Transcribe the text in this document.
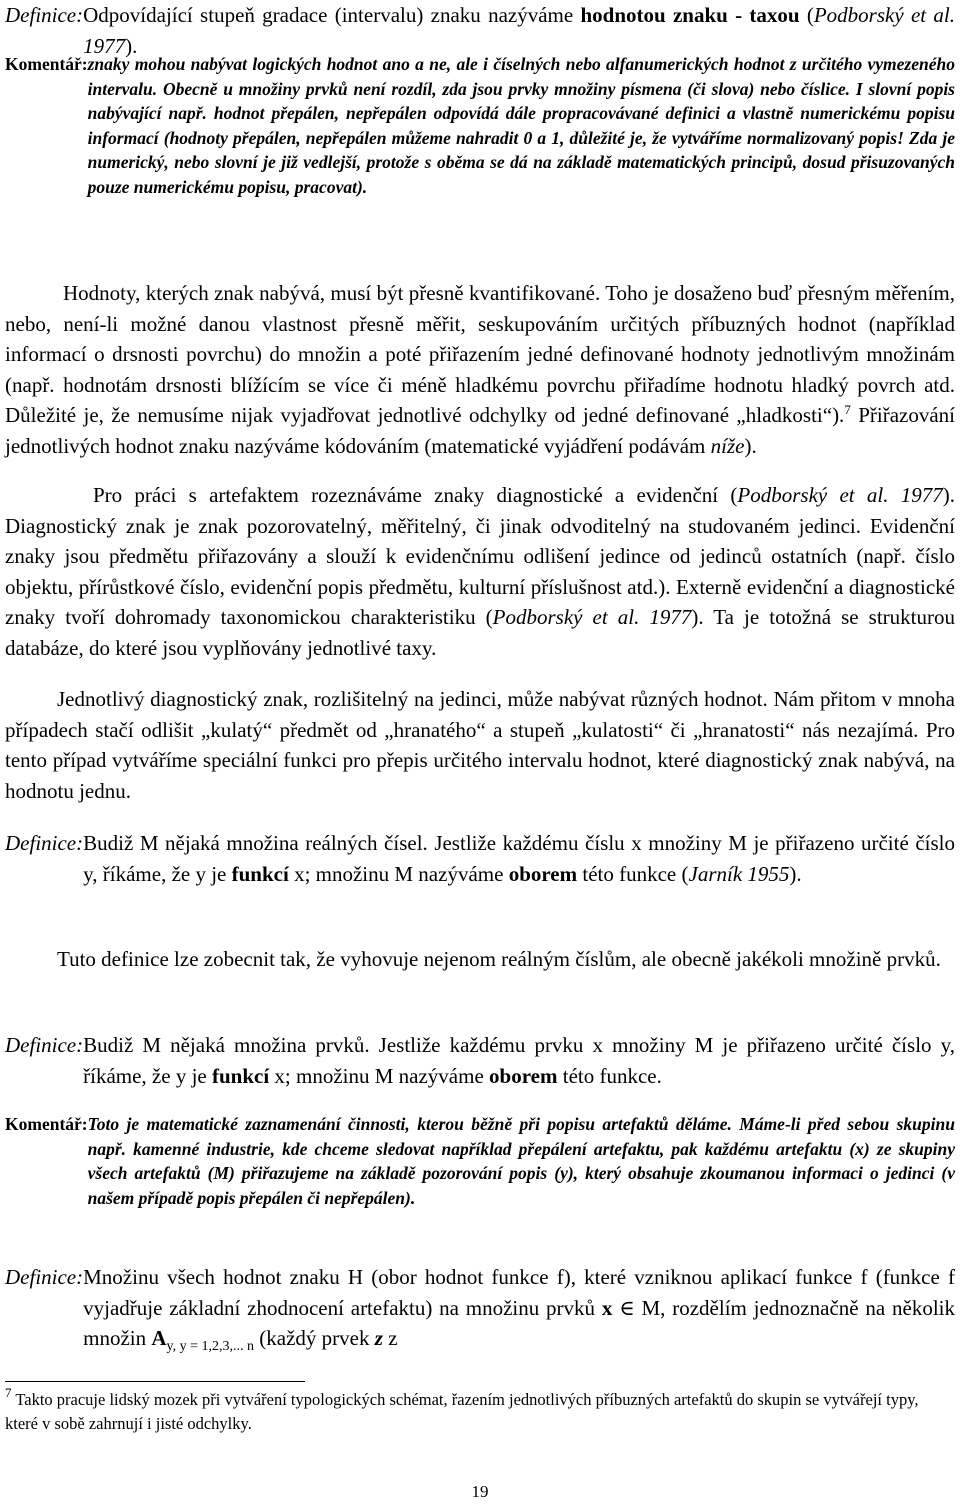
Definice: Odpovídající stupeň gradace (intervalu) znaku nazýváme hodnotou znaku - taxou (Podborský et al. 1977).
Komentář: znaky mohou nabývat logických hodnot ano a ne, ale i číselných nebo alfanumerických hodnot z určitého vymezeného intervalu. Obecně u množiny prvků není rozdíl, zda jsou prvky množiny písmena (či slova) nebo číslice. I slovní popis nabývající např. hodnot přepálen, nepřepálen odpovídá dále propracovávané definici a vlastně numerickému popisu informací (hodnoty přepálen, nepřepálen můžeme nahradit 0 a 1, důležité je, že vytváříme normalizovaný popis! Zda je numerický, nebo slovní je již vedlejší, protože s oběma se dá na základě matematických principů, dosud přisuzovaných pouze numerickému popisu, pracovat).

Hodnoty, kterých znak nabývá, musí být přesně kvantifikované. Toho je dosaženo buď přesným měřením, nebo, není-li možné danou vlastnost přesně měřit, seskupováním určitých příbuzných hodnot (například informací o drsnosti povrchu) do množin a poté přiřazením jedné definované hodnoty jednotlivým množinám (např. hodnotám drsnosti blížícím se více či méně hladkému povrchu přiřadíme hodnotu hladký povrch atd. Důležité je, že nemusíme nijak vyjadřovat jednotlivé odchylky od jedné definované „hladkosti“).$^7$ Přiřazování jednotlivých hodnot znaku nazýváme kódováním (matematické vyjádření podávám níže).

Pro práci s artefaktem rozeznáváme znaky diagnostické a evidenční (Podborský et al. 1977). Diagnostický znak je znak pozorovatelný, měřitelný, či jinak odvoditelný na studovaném jedinci. Evidenční znaky jsou předmětu přiřazovány a slouží k evidenčnímu odlišení jedince od jedinců ostatních (např. číslo objektu, přírůstkové číslo, evidenční popis předmětu, kulturní příslušnost atd.). Externě evidenční a diagnostické znaky tvoří dohromady taxonomickou charakteristiku (Podborský et al. 1977). Ta je totožná se strukturou databáze, do které jsou vyplňovány jednotlivé taxy.

Jednotlivý diagnostický znak, rozlišitelný na jedinci, může nabývat různých hodnot. Nám přitom v mnoha případech stačí odlišit „kulatý“ předmět od „hranatého“ a stupeň „kulatosti“ či „hranatosti“ nás nezajímá. Pro tento případ vytváříme speciální funkci pro přepis určitého intervalu hodnot, které diagnostický znak nabývá, na hodnotu jednu.

Definice: Budiž M nějaká množina reálných čísel. Jestliže každému číslu x množiny M je přiřazeno určité číslo y, říkáme, že y je funkcí x; množinu M nazýváme oborem této funkce (Jarník 1955).

Tuto definice lze zobecnit tak, že vyhovuje nejenom reálným číslům, ale obecně jakékoli množině prvků.

Definice: Budiž M nějaká množina prvků. Jestliže každému prvku x množiny M je přiřazeno určité číslo y, říkáme, že y je funkcí x; množinu M nazýváme oborem této funkce.
Komentář: Toto je matematické zaznamenání činnosti, kterou běžně při popisu artefaktů děláme. Máme-li před sebou skupinu např. kamenné industrie, kde chceme sledovat například přepálení artefaktu, pak každému artefaktu (x) ze skupiny všech artefaktů (M) přiřazujeme na základě pozorování popis (y), který obsahuje zkoumanou informaci o jedinci (v našem případě popis přepálen či nepřepálen).
Definice: Množinu všech hodnot znaku H (obor hodnot funkce f), které vzniknou aplikací funkce f (funkce f vyjadřuje základní zhodnocení artefaktu) na množinu prvků x ∈ M, rozdělím jednoznačně na několik množin $A_{y, y = 1,2,3,... n}$ (každý prvek z z
$^7$ Takto pracuje lidský mozek při vytváření typologických schémat, řazením jednotlivých příbuzných artefaktů do skupin se vytvářejí typy, které v sobě zahrnují i jisté odchylky.
19
